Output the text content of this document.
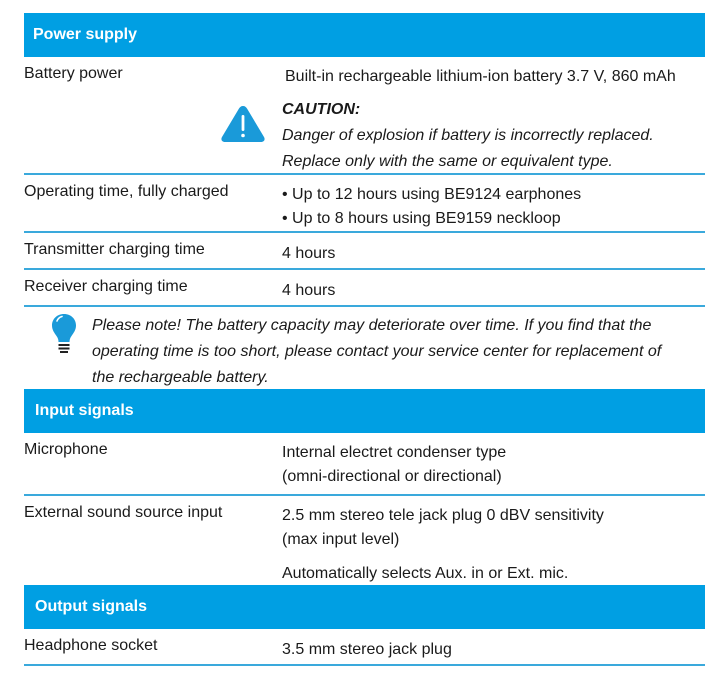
Power supply
Battery power	Built-in rechargeable lithium-ion battery 3.7 V, 860 mAh
CAUTION:
Danger of explosion if battery is incorrectly replaced.
Replace only with the same or equivalent type.
Operating time, fully charged	• Up to 12 hours using BE9124 earphones
• Up to 8 hours using BE9159 neckloop
Transmitter charging time	4 hours
Receiver charging time	4 hours
Please note! The battery capacity may deteriorate over time. If you find that the
operating time is too short, please contact your service center for replacement of
the rechargeable battery.
Input signals
Microphone	Internal electret condenser type
(omni-directional or directional)
External sound source input	2.5 mm stereo tele jack plug 0 dBV sensitivity
(max input level)
Automatically selects Aux. in or Ext. mic.
Output signals
Headphone socket	3.5 mm stereo jack plug
